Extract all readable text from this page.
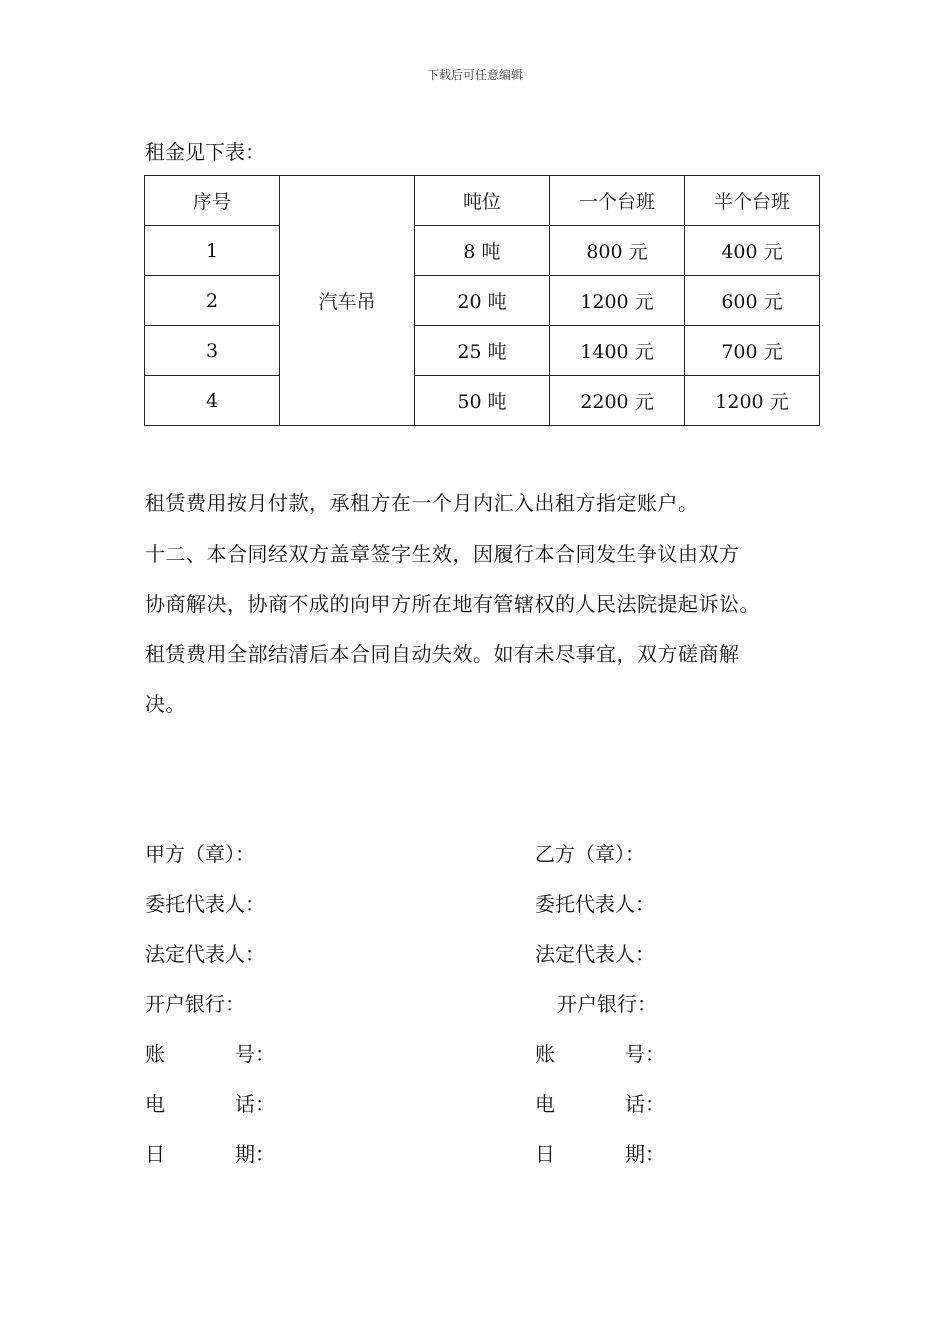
下载后可任意编辑
租金见下表：
序号	汽车吊	吨位	一个台班	半个台班
1		8 吨	800 元	400 元
2		20 吨	1200 元	600 元
3		25 吨	1400 元	700 元
4		50 吨	2200 元	1200 元
租赁费用按月付款，承租方在一个月内汇入出租方指定账户。
十二、本合同经双方盖章签字生效，因履行本合同发生争议由双方
协商解决，协商不成的向甲方所在地有管辖权的人民法院提起诉讼。
租赁费用全部结清后本合同自动失效。如有未尽事宜，双方磋商解
决。
甲方（章）：
委托代表人：
法定代表人：
开户银行：
账	号：
电	话：
日	期：
乙方（章）：
委托代表人：
法定代表人：
开户银行：
账	号：
电	话：
日	期：
